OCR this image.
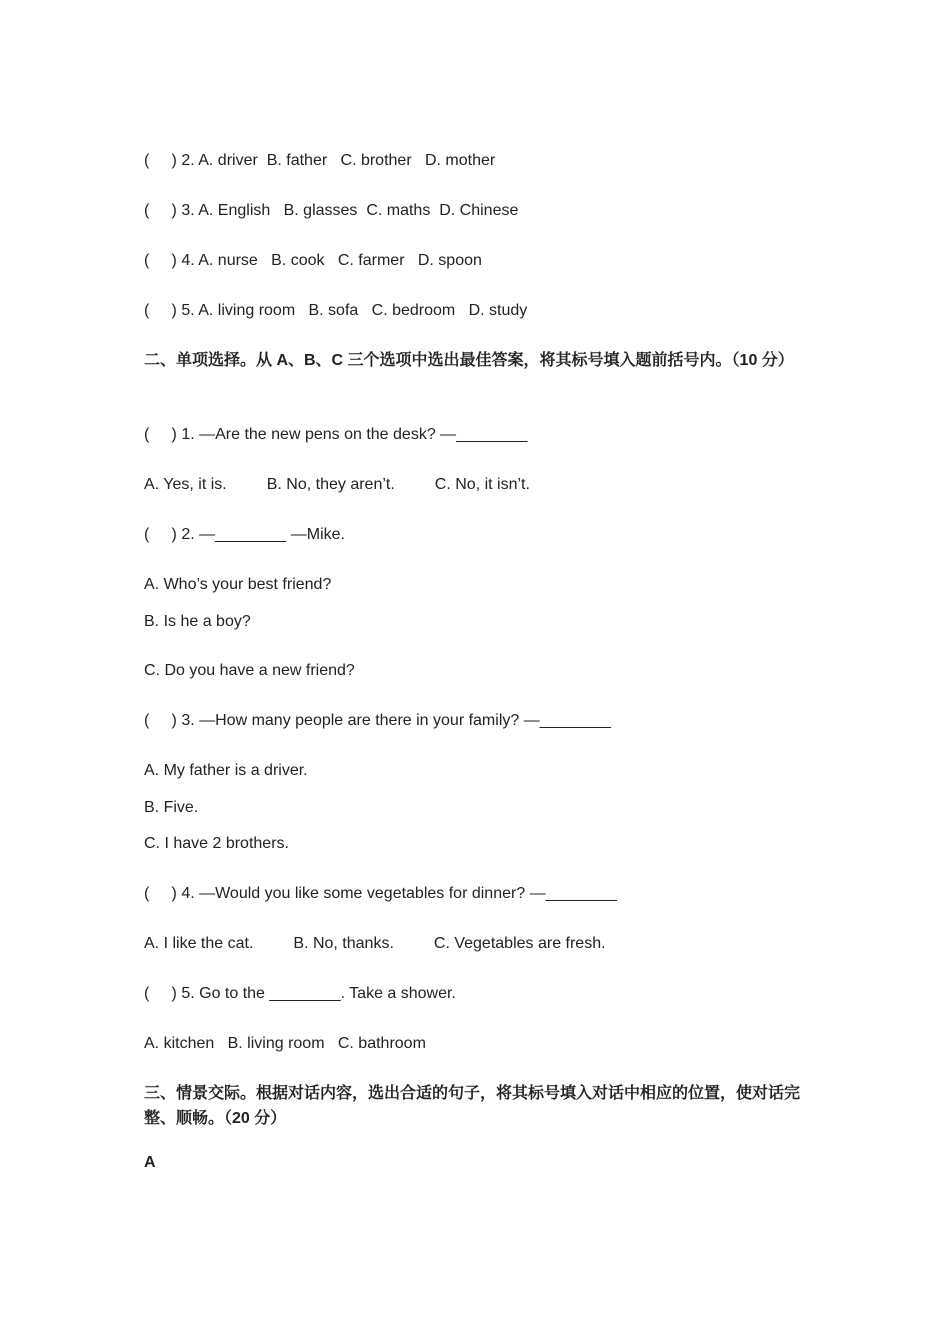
(     ) 2. A. driver  B. father   C. brother   D. mother
(     ) 3. A. English   B. glasses  C. maths  D. Chinese
(     ) 4. A. nurse   B. cook   C. farmer   D. spoon
(     ) 5. A. living room   B. sofa   C. bedroom   D. study
二、单项选择。从 A、B、C 三个选项中选出最佳答案，将其标号填入题前括号内。（10 分）
(     ) 1. —Are the new pens on the desk? —________
A. Yes, it is.         B. No, they aren’t.         C. No, it isn’t.
(     ) 2. —________ —Mike.
A. Who’s your best friend?
B. Is he a boy?
C. Do you have a new friend?
(     ) 3. —How many people are there in your family? —________
A. My father is a driver.
B. Five.
C. I have 2 brothers.
(     ) 4. —Would you like some vegetables for dinner? —________
A. I like the cat.         B. No, thanks.         C. Vegetables are fresh.
(     ) 5. Go to the ________. Take a shower.
A. kitchen   B. living room   C. bathroom
三、情景交际。根据对话内容，选出合适的句子，将其标号填入对话中相应的位置，使对话完整、顺畅。（20 分）
A
